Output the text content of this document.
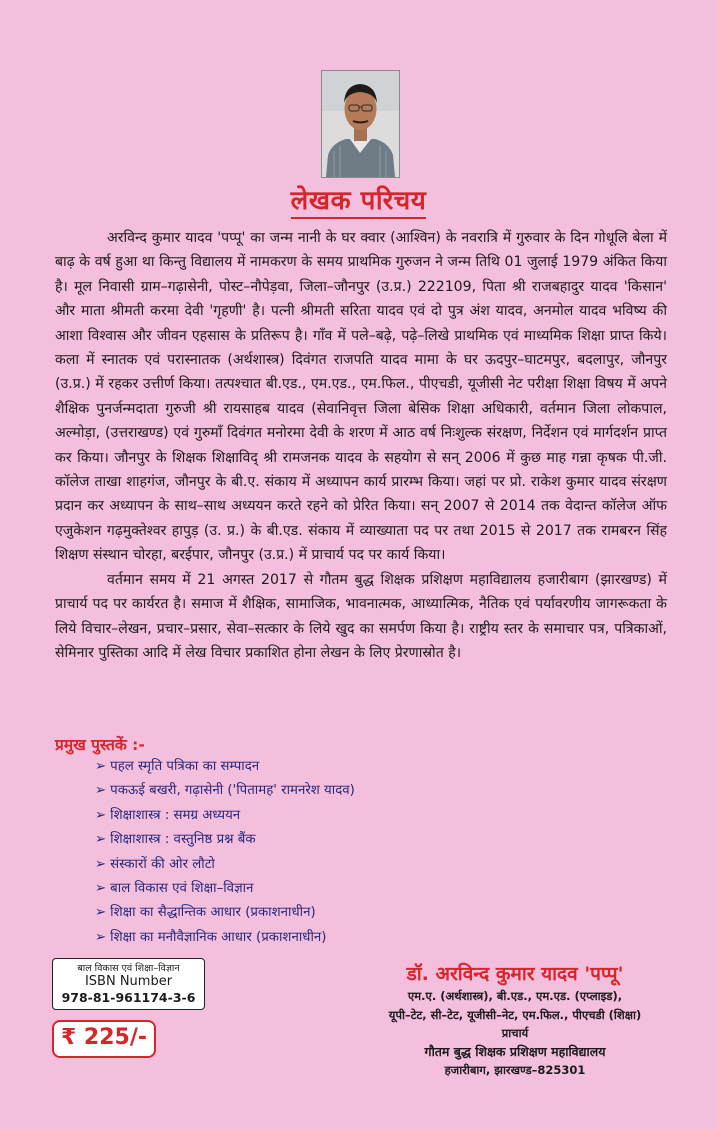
लेखक परिचय

अरविन्द कुमार यादव 'पप्पू' का जन्म नानी के घर क्वार (आश्विन) के नवरात्रि में गुरुवार के दिन गोधूलि बेला में बाढ़ के वर्ष हुआ था किन्तु विद्यालय में नामकरण के समय प्राथमिक गुरुजन ने जन्म तिथि 01 जुलाई 1979 अंकित किया है। मूल निवासी ग्राम–गढ़ासेनी, पोस्ट–नौपेड़वा, जिला–जौनपुर (उ.प्र.) 222109, पिता श्री राजबहादुर यादव 'किसान' और माता श्रीमती करमा देवी 'गृहणी' है। पत्नी श्रीमती सरिता यादव एवं दो पुत्र अंश यादव, अनमोल यादव भविष्य की आशा विश्वास और जीवन एहसास के प्रतिरूप है। गाँव में पले–बढ़े, पढ़े–लिखे प्राथमिक एवं माध्यमिक शिक्षा प्राप्त किये। कला में स्नातक एवं परास्नातक (अर्थशास्त्र) दिवंगत राजपति यादव मामा के घर ऊदपुर–घाटमपुर, बदलापुर, जौनपुर (उ.प्र.) में रहकर उत्तीर्ण किया। तत्पश्चात बी.एड., एम.एड., एम.फिल., पीएचडी, यूजीसी नेट परीक्षा शिक्षा विषय में अपने शैक्षिक पुनर्जन्मदाता गुरुजी श्री रायसाहब यादव (सेवानिवृत्त जिला बेसिक शिक्षा अधिकारी, वर्तमान जिला लोकपाल, अल्मोड़ा, (उत्तराखण्ड) एवं गुरुमाँ दिवंगत मनोरमा देवी के शरण में आठ वर्ष निःशुल्क संरक्षण, निर्देशन एवं मार्गदर्शन प्राप्त कर किया। जौनपुर के शिक्षक शिक्षाविद् श्री रामजनक यादव के सहयोग से सन् 2006 में कुछ माह गन्ना कृषक पी.जी. कॉलेज ताखा शाहगंज, जौनपुर के बी.ए. संकाय में अध्यापन कार्य प्रारम्भ किया। जहां पर प्रो. राकेश कुमार यादव संरक्षण प्रदान कर अध्यापन के साथ–साथ अध्ययन करते रहने को प्रेरित किया। सन् 2007 से 2014 तक वेदान्त कॉलेज ऑफ एजुकेशन गढ़मुक्तेश्वर हापुड़ (उ. प्र.) के बी.एड. संकाय में व्याख्याता पद पर तथा 2015 से 2017 तक रामबरन सिंह शिक्षण संस्थान चोरहा, बरईपार, जौनपुर (उ.प्र.) में प्राचार्य पद पर कार्य किया।

वर्तमान समय में 21 अगस्त 2017 से गौतम बुद्ध शिक्षक प्रशिक्षण महाविद्यालय हजारीबाग (झारखण्ड) में प्राचार्य पद पर कार्यरत है। समाज में शैक्षिक, सामाजिक, भावनात्मक, आध्यात्मिक, नैतिक एवं पर्यावरणीय जागरूकता के लिये विचार–लेखन, प्रचार–प्रसार, सेवा–सत्कार के लिये खुद का समर्पण किया है। राष्ट्रीय स्तर के समाचार पत्र, पत्रिकाओं, सेमिनार पुस्तिका आदि में लेख विचार प्रकाशित होना लेखन के लिए प्रेरणास्रोत है।

प्रमुख पुस्तकें :-
➢ पहल स्मृति पत्रिका का सम्पादन
➢ पकऊई बखरी, गढ़ासेनी ('पितामह' रामनरेश यादव)
➢ शिक्षाशास्त्र : समग्र अध्ययन
➢ शिक्षाशास्त्र : वस्तुनिष्ठ प्रश्न बैंक
➢ संस्कारों की ओर लौटो
➢ बाल विकास एवं शिक्षा–विज्ञान
➢ शिक्षा का सैद्धान्तिक आधार (प्रकाशनाधीन)
➢ शिक्षा का मनौवैज्ञानिक आधार (प्रकाशनाधीन)
बाल विकास एवं शिक्षा–विज्ञान
ISBN Number
978-81-961174-3-6
₹ 225/-
डॉ. अरविन्द कुमार यादव 'पप्पू'
एम.ए. (अर्थशास्त्र), बी.एड., एम.एड. (एप्लाइड),
यूपी–टेट, सी–टेट, यूजीसी–नेट, एम.फिल., पीएचडी (शिक्षा)
प्राचार्य
गौतम बुद्ध शिक्षक प्रशिक्षण महाविद्यालय
हजारीबाग, झारखण्ड–825301
